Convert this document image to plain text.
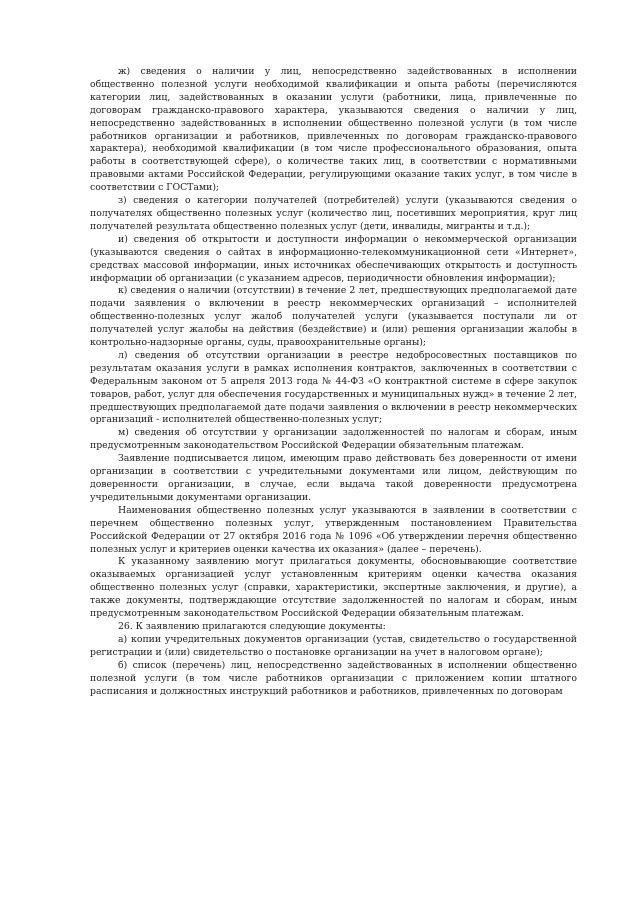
ж) сведения о наличии у лиц, непосредственно задействованных в исполнении общественно полезной услуги необходимой квалификации и опыта работы (перечисляются категории лиц, задействованных в оказании услуги (работники, лица, привлеченные по договорам гражданско-правового характера, указываются сведения о наличии у лиц, непосредственно задействованных в исполнении общественно полезной услуги (в том числе работников организации и работников, привлеченных по договорам гражданско-правового характера), необходимой квалификации (в том числе профессионального образования, опыта работы в соответствующей сфере), о количестве таких лиц, в соответствии с нормативными правовыми актами Российской Федерации, регулирующими оказание таких услуг, в том числе в соответствии с ГОСТами);

з) сведения о категории получателей (потребителей) услуги (указываются сведения о получателях общественно полезных услуг (количество лиц, посетивших мероприятия, круг лиц получателей результата общественно полезных услуг (дети, инвалиды, мигранты и т.д.);

и) сведения об открытости и доступности информации о некоммерческой организации (указываются сведения о сайтах в информационно-телекоммуникационной сети «Интернет», средствах массовой информации, иных источниках обеспечивающих открытость и доступность информации об организации (с указанием адресов, периодичности обновления информации);

к) сведения о наличии (отсутствии) в течение 2 лет, предшествующих предполагаемой дате подачи заявления о включении в реестр некоммерческих организаций – исполнителей общественно-полезных услуг жалоб получателей услуги (указывается поступали ли от получателей услуг жалобы на действия (бездействие) и (или) решения организации жалобы в контрольно-надзорные органы, суды, правоохранительные органы);

л) сведения об отсутствии организации в реестре недобросовестных поставщиков по результатам оказания услуги в рамках исполнения контрактов, заключенных в соответствии с Федеральным законом от 5 апреля 2013 года № 44-ФЗ «О контрактной системе в сфере закупок товаров, работ, услуг для обеспечения государственных и муниципальных нужд» в течение 2 лет, предшествующих предполагаемой дате подачи заявления о включении в реестр некоммерческих организаций - исполнителей общественно-полезных услуг;

м) сведения об отсутствии у организации задолженностей по налогам и сборам, иным предусмотренным законодательством Российской Федерации обязательным платежам.

Заявление подписывается лицом, имеющим право действовать без доверенности от имени организации в соответствии с учредительными документами или лицом, действующим по доверенности организации, в случае, если выдача такой доверенности предусмотрена учредительными документами организации.

Наименования общественно полезных услуг указываются в заявлении в соответствии с перечнем общественно полезных услуг, утвержденным постановлением Правительства Российской Федерации от 27 октября 2016 года № 1096 «Об утверждении перечня общественно полезных услуг и критериев оценки качества их оказания» (далее – перечень).

К указанному заявлению могут прилагаться документы, обосновывающие соответствие оказываемых организацией услуг установленным критериям оценки качества оказания общественно полезных услуг (справки, характеристики, экспертные заключения, и другие), а также документы, подтверждающие отсутствие задолженностей по налогам и сборам, иным предусмотренным законодательством Российской Федерации обязательным платежам.

26. К заявлению прилагаются следующие документы:

а) копии учредительных документов организации (устав, свидетельство о государственной регистрации и (или) свидетельство о постановке организации на учет в налоговом органе);

б) список (перечень) лиц, непосредственно задействованных в исполнении общественно полезной услуги (в том числе работников организации с приложением копии штатного расписания и должностных инструкций работников и работников, привлеченных по договорам
